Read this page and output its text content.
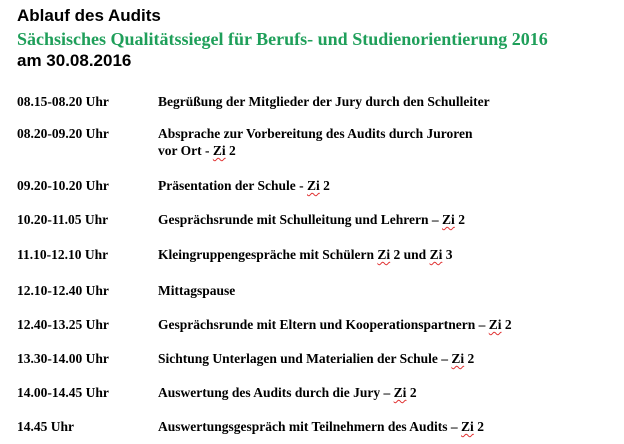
Ablauf des Audits
Sächsisches Qualitätssiegel für Berufs- und Studienorientierung 2016
am 30.08.2016
08.15-08.20 Uhr	Begrüßung der Mitglieder der Jury durch den Schulleiter
08.20-09.20 Uhr	Absprache zur Vorbereitung des Audits durch Juroren
vor Ort - Zi 2
09.20-10.20 Uhr	Präsentation der Schule - Zi 2
10.20-11.05 Uhr	Gesprächsrunde mit Schulleitung und Lehrern – Zi 2
11.10-12.10 Uhr	Kleingruppengespräche mit Schülern Zi 2 und Zi 3
12.10-12.40 Uhr	Mittagspause
12.40-13.25 Uhr	Gesprächsrunde mit Eltern und Kooperationspartnern – Zi 2
13.30-14.00 Uhr	Sichtung Unterlagen und Materialien der Schule – Zi 2
14.00-14.45 Uhr	Auswertung des Audits durch die Jury – Zi 2
14.45 Uhr	Auswertungsgespräch mit Teilnehmern des Audits – Zi 2
